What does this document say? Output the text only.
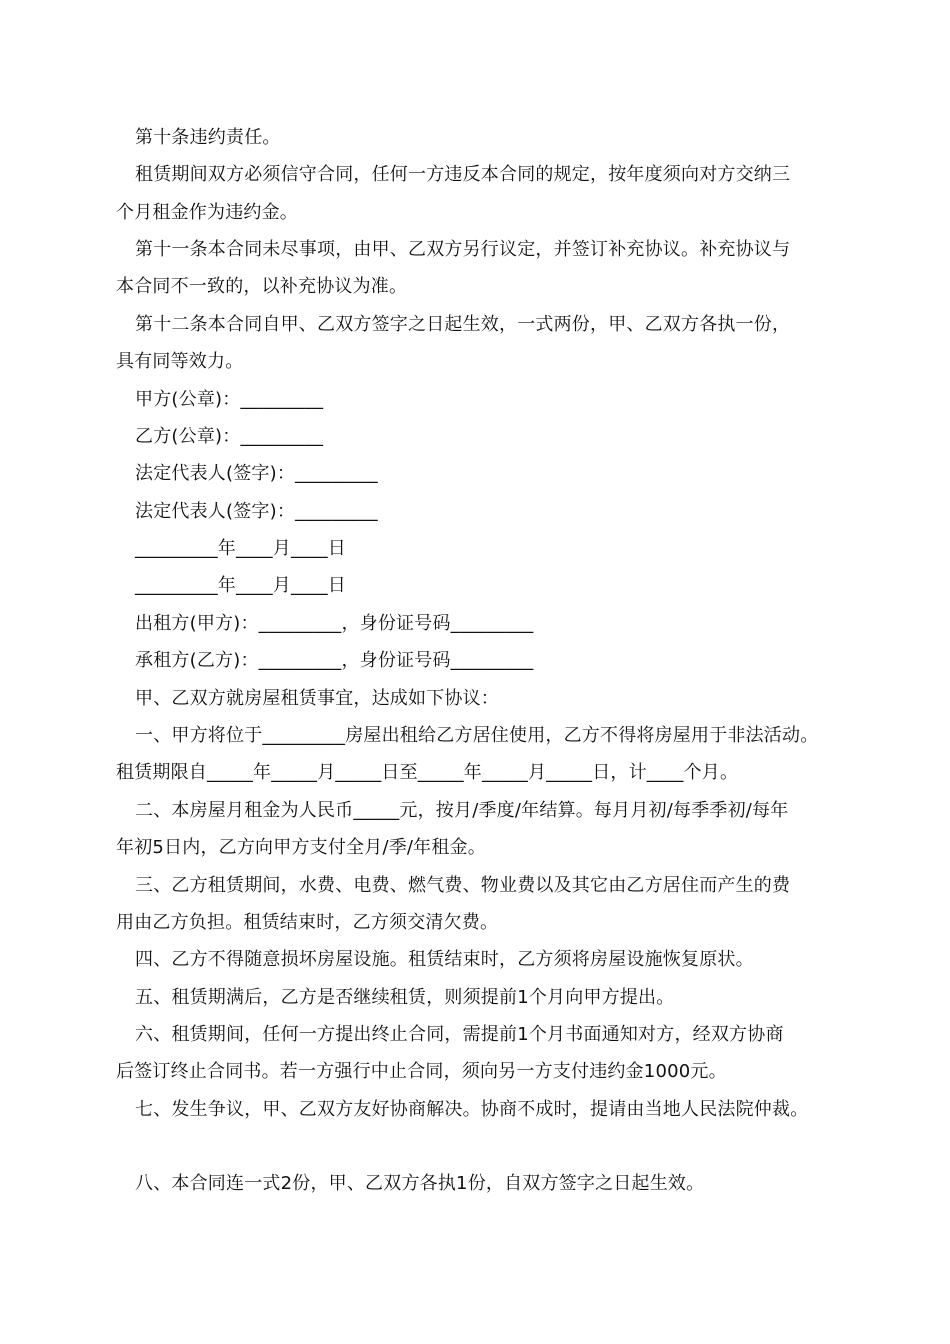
第十条违约责任。
租赁期间双方必须信守合同，任何一方违反本合同的规定，按年度须向对方交纳三
个月租金作为违约金。
第十一条本合同未尽事项，由甲、乙双方另行议定，并签订补充协议。补充协议与
本合同不一致的，以补充协议为准。
第十二条本合同自甲、乙双方签字之日起生效，一式两份，甲、乙双方各执一份，
具有同等效力。
甲方(公章)：_________
乙方(公章)：_________
法定代表人(签字)：_________
法定代表人(签字)：_________
_________年____月____日
_________年____月____日
出租方(甲方)：_________，身份证号码_________
承租方(乙方)：_________，身份证号码_________
甲、乙双方就房屋租赁事宜，达成如下协议：
一、甲方将位于_________房屋出租给乙方居住使用，乙方不得将房屋用于非法活动。
租赁期限自_____年_____月_____日至_____年_____月_____日，计____个月。
二、本房屋月租金为人民币_____元，按月/季度/年结算。每月月初/每季季初/每年
年初5日内，乙方向甲方支付全月/季/年租金。
三、乙方租赁期间，水费、电费、燃气费、物业费以及其它由乙方居住而产生的费
用由乙方负担。租赁结束时，乙方须交清欠费。
四、乙方不得随意损坏房屋设施。租赁结束时，乙方须将房屋设施恢复原状。
五、租赁期满后，乙方是否继续租赁，则须提前1个月向甲方提出。
六、租赁期间，任何一方提出终止合同，需提前1个月书面通知对方，经双方协商
后签订终止合同书。若一方强行中止合同，须向另一方支付违约金1000元。
七、发生争议，甲、乙双方友好协商解决。协商不成时，提请由当地人民法院仲裁。
八、本合同连一式2份，甲、乙双方各执1份，自双方签字之日起生效。
